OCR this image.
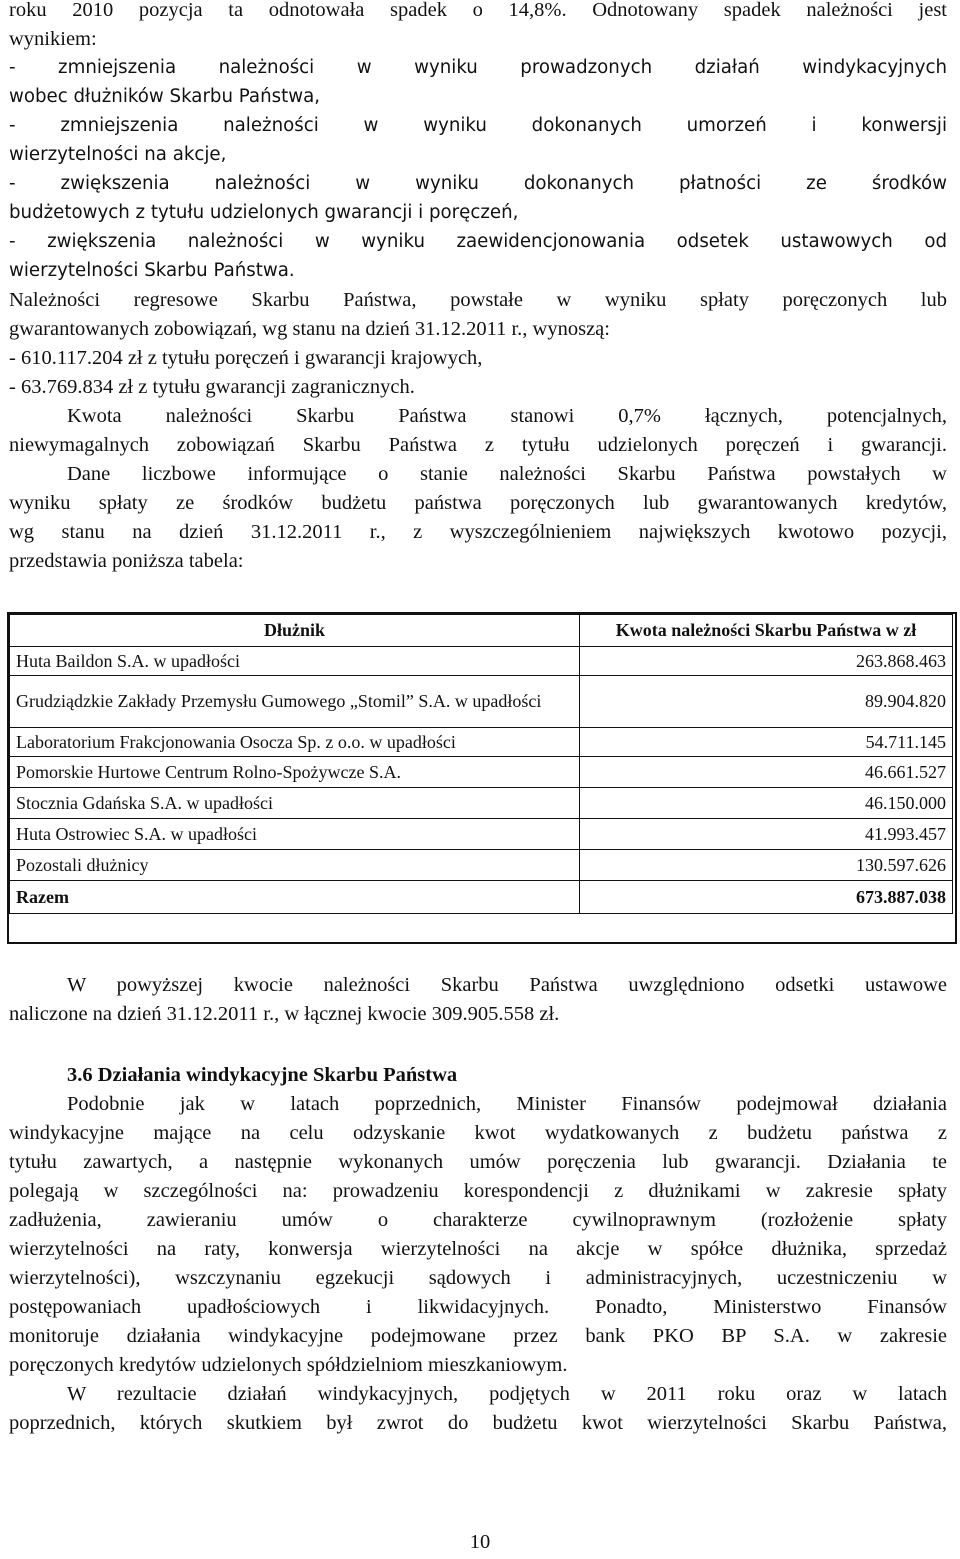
roku 2010 pozycja ta odnotowała spadek o 14,8%. Odnotowany spadek należności jest
wynikiem:
- zmniejszenia należności w wyniku prowadzonych działań windykacyjnych
wobec dłużników Skarbu Państwa,
- zmniejszenia należności w wyniku dokonanych umorzeń i konwersji
wierzytelności na akcje,
- zwiększenia należności w wyniku dokonanych płatności ze środków
budżetowych z tytułu udzielonych gwarancji i poręczeń,
- zwiększenia należności w wyniku zaewidencjonowania odsetek ustawowych od
wierzytelności Skarbu Państwa.
Należności regresowe Skarbu Państwa, powstałe w wyniku spłaty poręczonych lub
gwarantowanych zobowiązań, wg stanu na dzień 31.12.2011 r., wynoszą:
- 610.117.204 zł z tytułu poręczeń i gwarancji krajowych,
- 63.769.834 zł z tytułu gwarancji zagranicznych.
Kwota należności Skarbu Państwa stanowi 0,7% łącznych, potencjalnych,
niewymagalnych zobowiązań Skarbu Państwa z tytułu udzielonych poręczeń i gwarancji.
Dane liczbowe informujące o stanie należności Skarbu Państwa powstałych w
wyniku spłaty ze środków budżetu państwa poręczonych lub gwarantowanych kredytów,
wg stanu na dzień 31.12.2011 r., z wyszczególnieniem największych kwotowo pozycji,
przedstawia poniższa tabela:
Dłużnik	Kwota należności Skarbu Państwa w zł
Huta Baildon S.A. w upadłości	263.868.463
Grudziądzkie Zakłady Przemysłu Gumowego „Stomil” S.A. w upadłości	89.904.820
Laboratorium Frakcjonowania Osocza Sp. z o.o. w upadłości	54.711.145
Pomorskie Hurtowe Centrum Rolno-Spożywcze S.A.	46.661.527
Stocznia Gdańska S.A. w upadłości	46.150.000
Huta Ostrowiec S.A. w upadłości	41.993.457
Pozostali dłużnicy	130.597.626
Razem	673.887.038
W powyższej kwocie należności Skarbu Państwa uwzględniono odsetki ustawowe
naliczone na dzień 31.12.2011 r., w łącznej kwocie 309.905.558 zł.
3.6 Działania windykacyjne Skarbu Państwa
Podobnie jak w latach poprzednich, Minister Finansów podejmował działania
windykacyjne mające na celu odzyskanie kwot wydatkowanych z budżetu państwa z
tytułu zawartych, a następnie wykonanych umów poręczenia lub gwarancji. Działania te
polegają w szczególności na: prowadzeniu korespondencji z dłużnikami w zakresie spłaty
zadłużenia, zawieraniu umów o charakterze cywilnoprawnym (rozłożenie spłaty
wierzytelności na raty, konwersja wierzytelności na akcje w spółce dłużnika, sprzedaż
wierzytelności), wszczynaniu egzekucji sądowych i administracyjnych, uczestniczeniu w
postępowaniach upadłościowych i likwidacyjnych. Ponadto, Ministerstwo Finansów
monitoruje działania windykacyjne podejmowane przez bank PKO BP S.A. w zakresie
poręczonych kredytów udzielonych spółdzielniom mieszkaniowym.
W rezultacie działań windykacyjnych, podjętych w 2011 roku oraz w latach
poprzednich, których skutkiem był zwrot do budżetu kwot wierzytelności Skarbu Państwa,
10
